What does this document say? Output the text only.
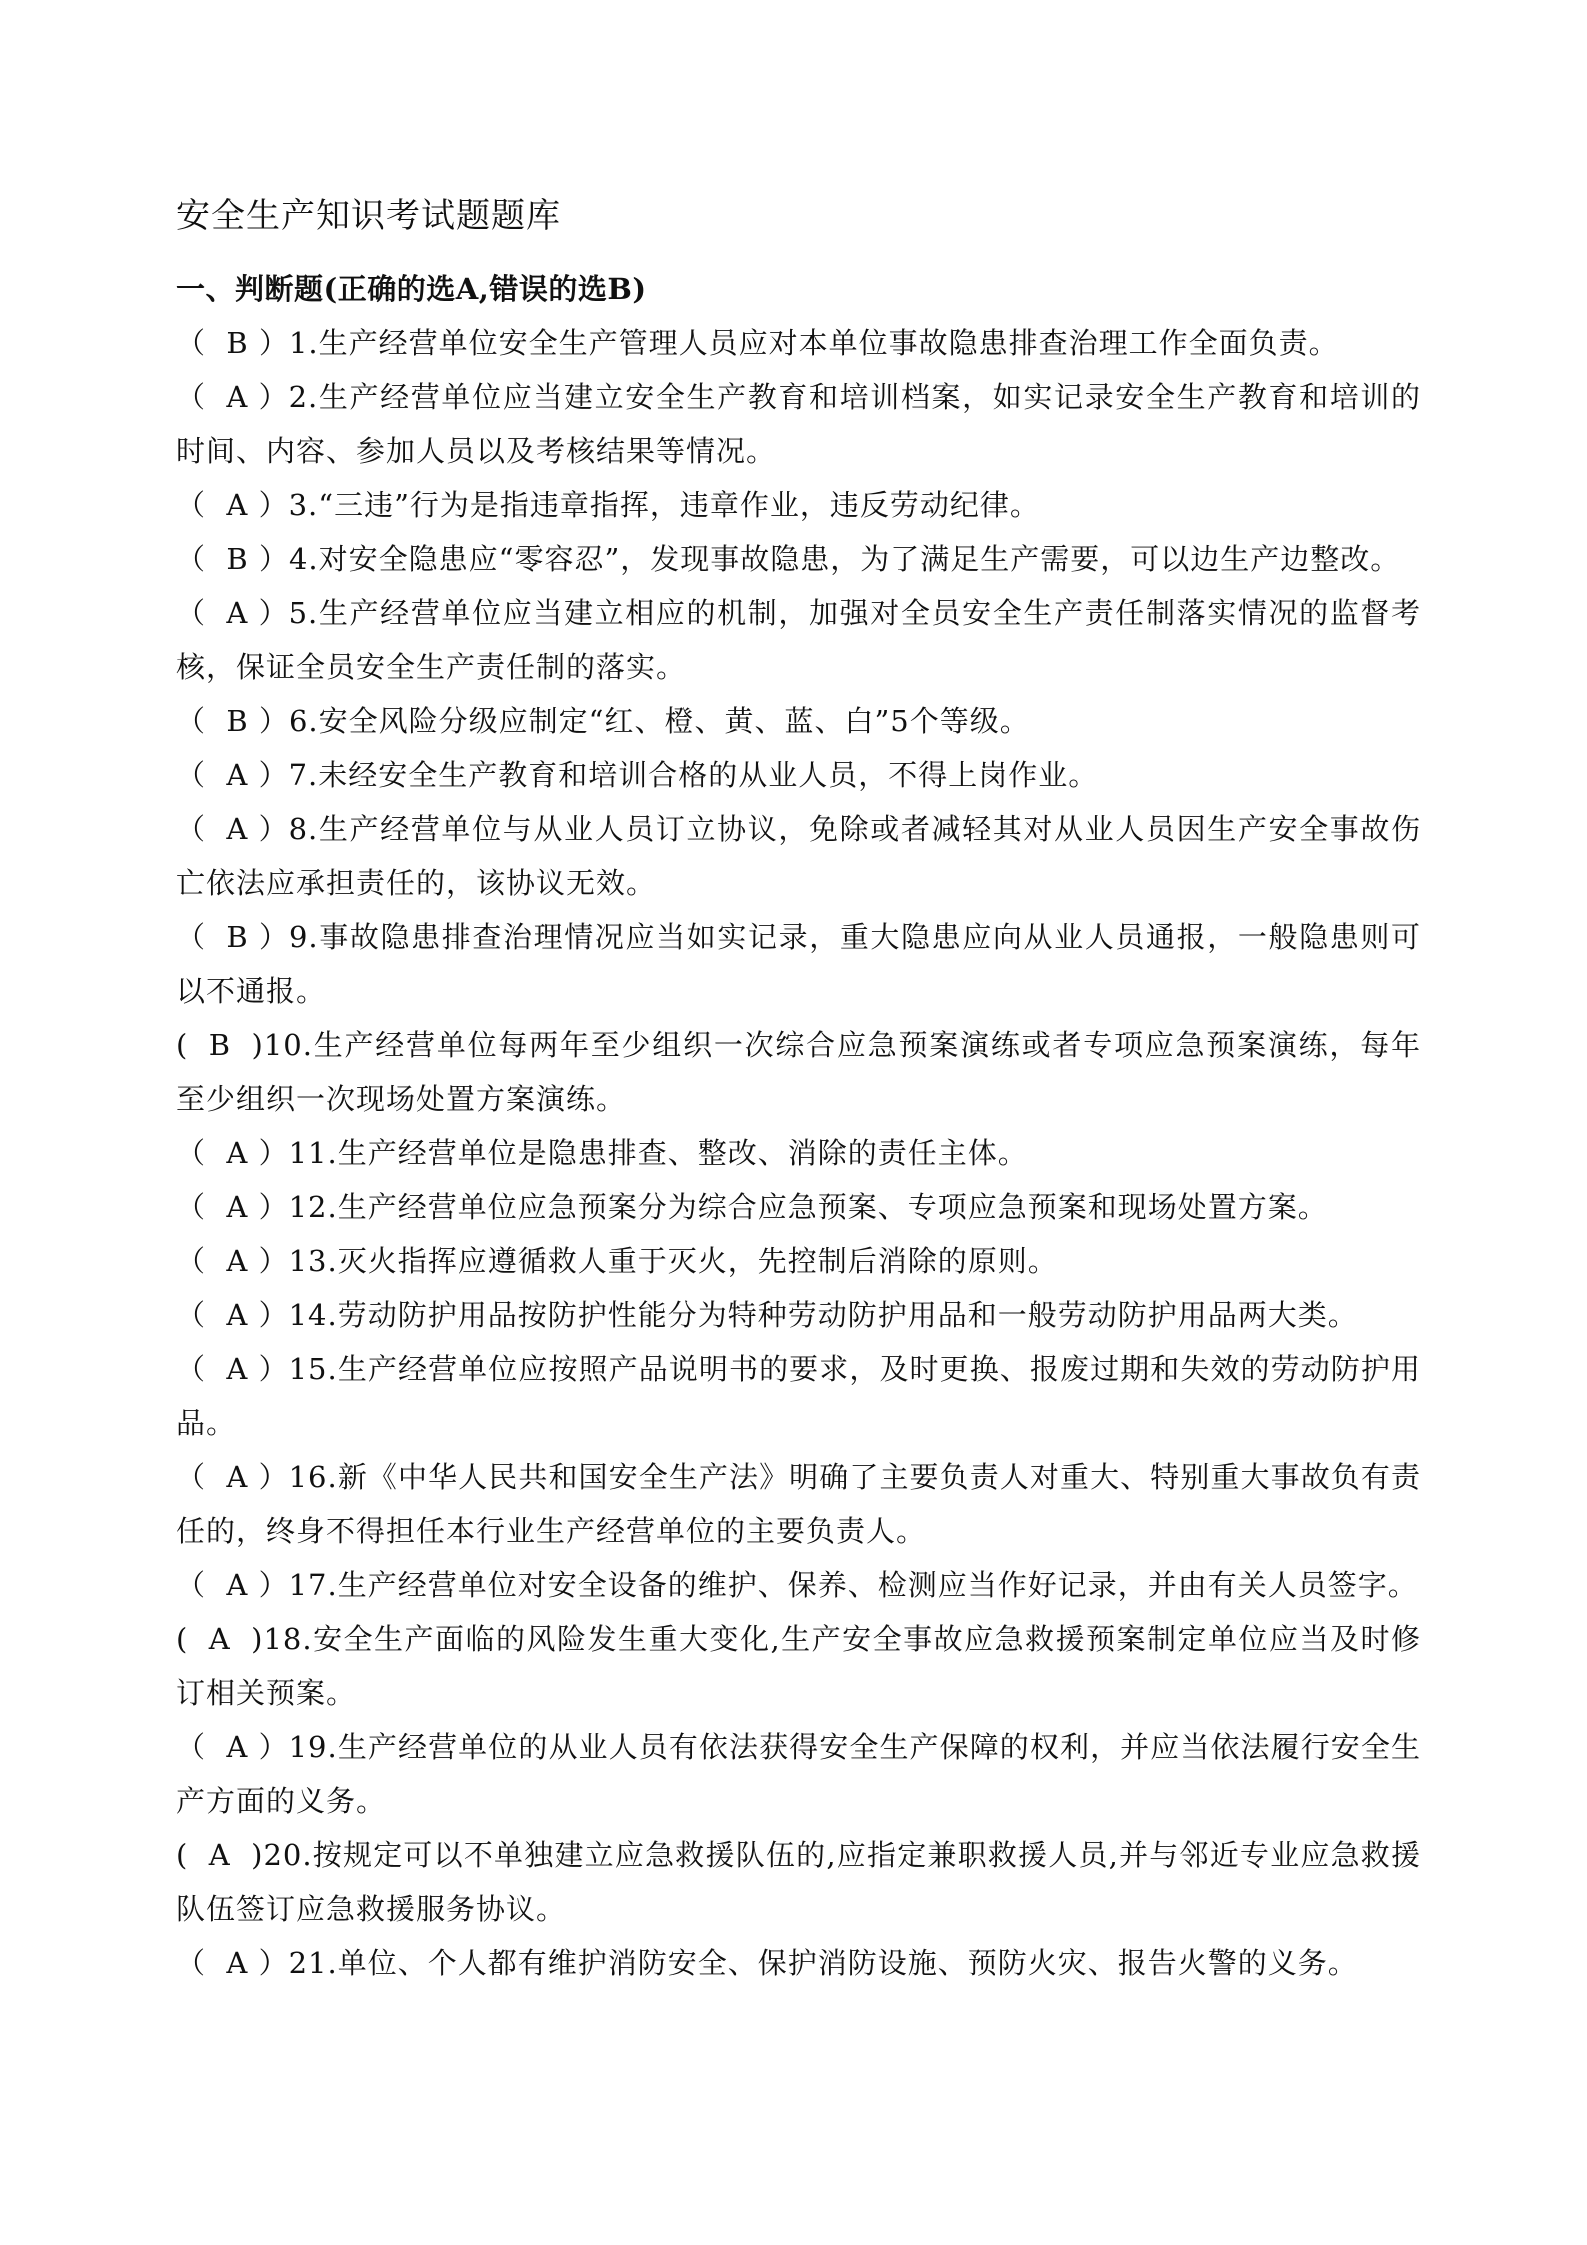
安全生产知识考试题题库
一、判断题(正确的选A,错误的选B)

（  B ）1.生产经营单位安全生产管理人员应对本单位事故隐患排查治理工作全面负责。

（  A ）2.生产经营单位应当建立安全生产教育和培训档案，如实记录安全生产教育和培训的时间、内容、参加人员以及考核结果等情况。

（  A ）3.“三违”行为是指违章指挥，违章作业，违反劳动纪律。

（  B ）4.对安全隐患应“零容忍”，发现事故隐患，为了满足生产需要，可以边生产边整改。

（  A ）5.生产经营单位应当建立相应的机制，加强对全员安全生产责任制落实情况的监督考核，保证全员安全生产责任制的落实。

（  B ）6.安全风险分级应制定“红、橙、黄、蓝、白”5个等级。

（  A ）7.未经安全生产教育和培训合格的从业人员，不得上岗作业。

（  A ）8.生产经营单位与从业人员订立协议，免除或者减轻其对从业人员因生产安全事故伤亡依法应承担责任的，该协议无效。

（  B ）9.事故隐患排查治理情况应当如实记录，重大隐患应向从业人员通报，一般隐患则可以不通报。

(  B  )10.生产经营单位每两年至少组织一次综合应急预案演练或者专项应急预案演练，每年至少组织一次现场处置方案演练。

（  A ）11.生产经营单位是隐患排查、整改、消除的责任主体。

（  A ）12.生产经营单位应急预案分为综合应急预案、专项应急预案和现场处置方案。

（  A ）13.灭火指挥应遵循救人重于灭火，先控制后消除的原则。

（  A ）14.劳动防护用品按防护性能分为特种劳动防护用品和一般劳动防护用品两大类。

（  A ）15.生产经营单位应按照产品说明书的要求，及时更换、报废过期和失效的劳动防护用品。

（  A ）16.新《中华人民共和国安全生产法》明确了主要负责人对重大、特别重大事故负有责任的，终身不得担任本行业生产经营单位的主要负责人。

（  A ）17.生产经营单位对安全设备的维护、保养、检测应当作好记录，并由有关人员签字。

(  A  )18.安全生产面临的风险发生重大变化,生产安全事故应急救援预案制定单位应当及时修订相关预案。

（  A ）19.生产经营单位的从业人员有依法获得安全生产保障的权利，并应当依法履行安全生产方面的义务。

(  A  )20.按规定可以不单独建立应急救援队伍的,应指定兼职救援人员,并与邻近专业应急救援队伍签订应急救援服务协议。

（  A ）21.单位、个人都有维护消防安全、保护消防设施、预防火灾、报告火警的义务。
